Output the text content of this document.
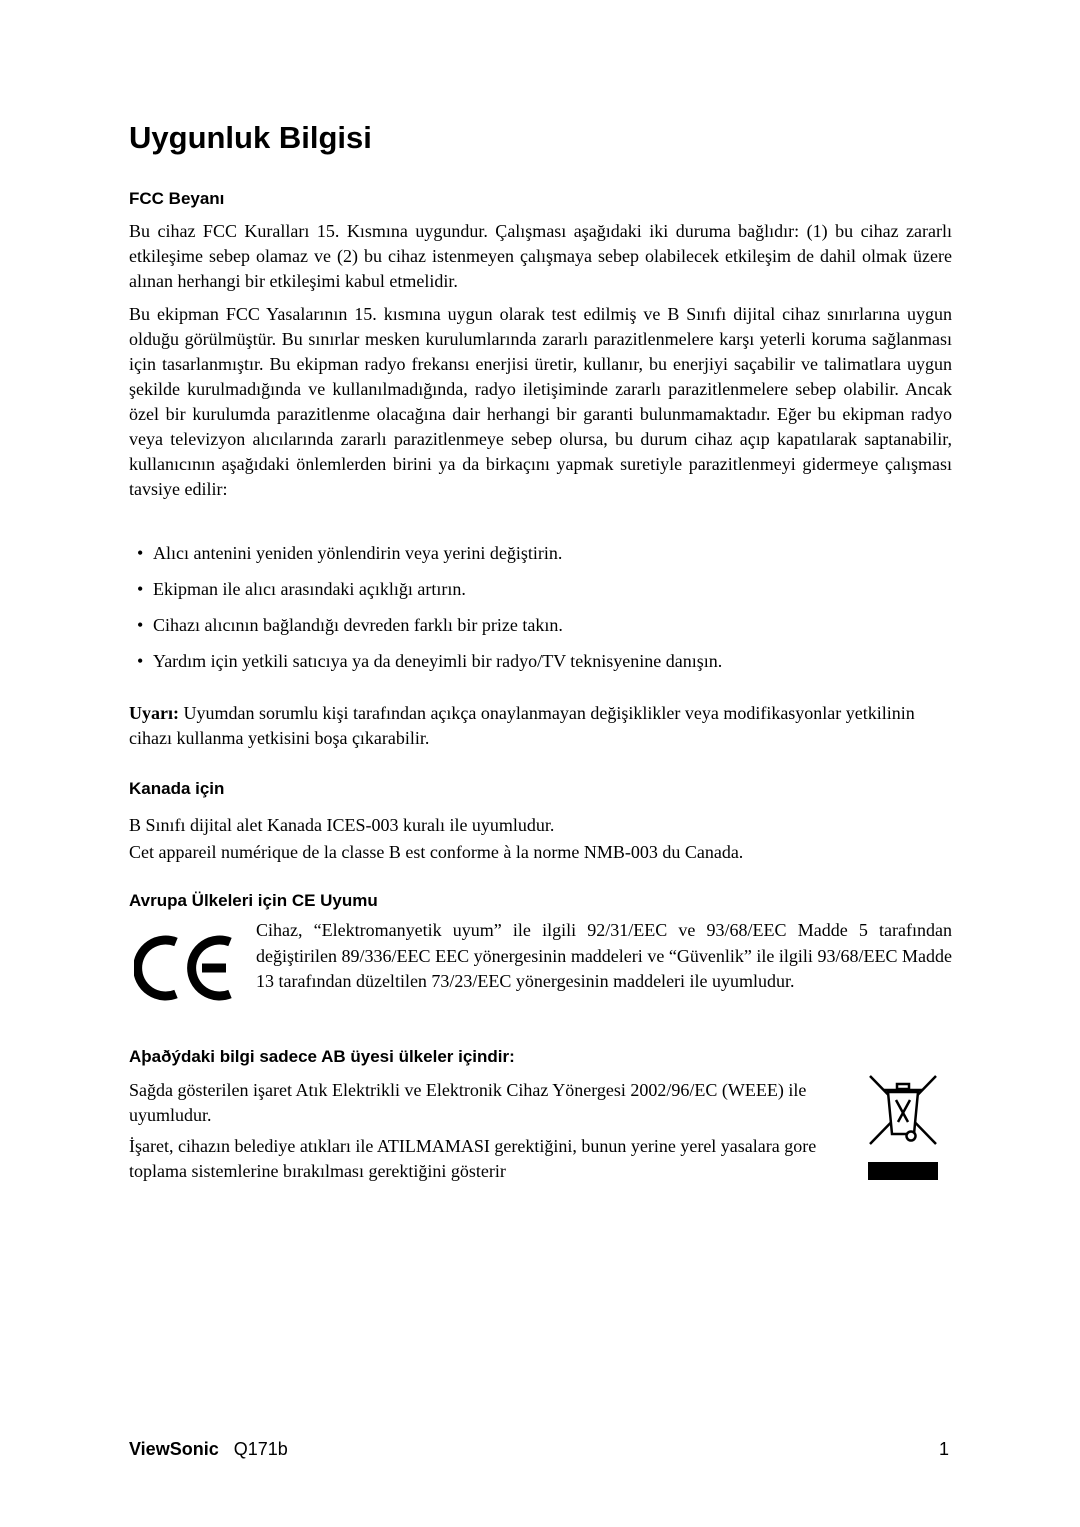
Uygunluk Bilgisi
FCC Beyanı

Bu cihaz FCC Kuralları 15. Kısmına uygundur. Çalışması aşağıdaki iki duruma bağlıdır: (1) bu cihaz zararlı etkileşime sebep olamaz ve (2) bu cihaz istenmeyen çalışmaya sebep olabilecek etkileşim de dahil olmak üzere alınan herhangi bir etkileşimi kabul etmelidir.

Bu ekipman FCC Yasalarının 15. kısmına uygun olarak test edilmiş ve B Sınıfı dijital cihaz sınırlarına uygun olduğu görülmüştür. Bu sınırlar mesken kurulumlarında zararlı parazitlenmelere karşı yeterli koruma sağlanması için tasarlanmıştır. Bu ekipman radyo frekansı enerjisi üretir, kullanır, bu enerjiyi saçabilir ve talimatlara uygun şekilde kurulmadığında ve kullanılmadığında, radyo iletişiminde zararlı parazitlenmelere sebep olabilir. Ancak özel bir kurulumda parazitlenme olacağına dair herhangi bir garanti bulunmamaktadır. Eğer bu ekipman radyo veya televizyon alıcılarında zararlı parazitlenmeye sebep olursa, bu durum cihaz açıp kapatılarak saptanabilir, kullanıcının aşağıdaki önlemlerden birini ya da birkaçını yapmak suretiyle parazitlenmeyi gidermeye çalışması tavsiye edilir:

• Alıcı antenini yeniden yönlendirin veya yerini değiştirin.
• Ekipman ile alıcı arasındaki açıklığı artırın.
• Cihazı alıcının bağlandığı devreden farklı bir prize takın.
• Yardım için yetkili satıcıya ya da deneyimli bir radyo/TV teknisyenine danışın.

Uyarı: Uyumdan sorumlu kişi tarafından açıkça onaylanmayan değişiklikler veya modifikasyonlar yetkilinin cihazı kullanma yetkisini boşa çıkarabilir.

Kanada için

B Sınıfı dijital alet Kanada ICES-003 kuralı ile uyumludur.

Cet appareil numérique de la classe B est conforme à la norme NMB-003 du Canada.

Avrupa Ülkeleri için CE Uyumu

Cihaz, “Elektromanyetik uyum” ile ilgili 92/31/EEC ve 93/68/EEC Madde 5 tarafından değiştirilen 89/336/EEC EEC yönergesinin maddeleri ve “Güvenlik” ile ilgili 93/68/EEC Madde 13 tarafından düzeltilen 73/23/EEC yönergesinin maddeleri ile uyumludur.

Aþaðýdaki bilgi sadece AB üyesi ülkeler içindir:

Sağda gösterilen işaret Atık Elektrikli ve Elektronik Cihaz Yönergesi 2002/96/EC (WEEE) ile uyumludur.

İşaret, cihazın belediye atıkları ile ATILMAMASI gerektiğini, bunun yerine yerel yasalara gore toplama sistemlerine bırakılması gerektiğini gösterir

ViewSonic Q171b	1
